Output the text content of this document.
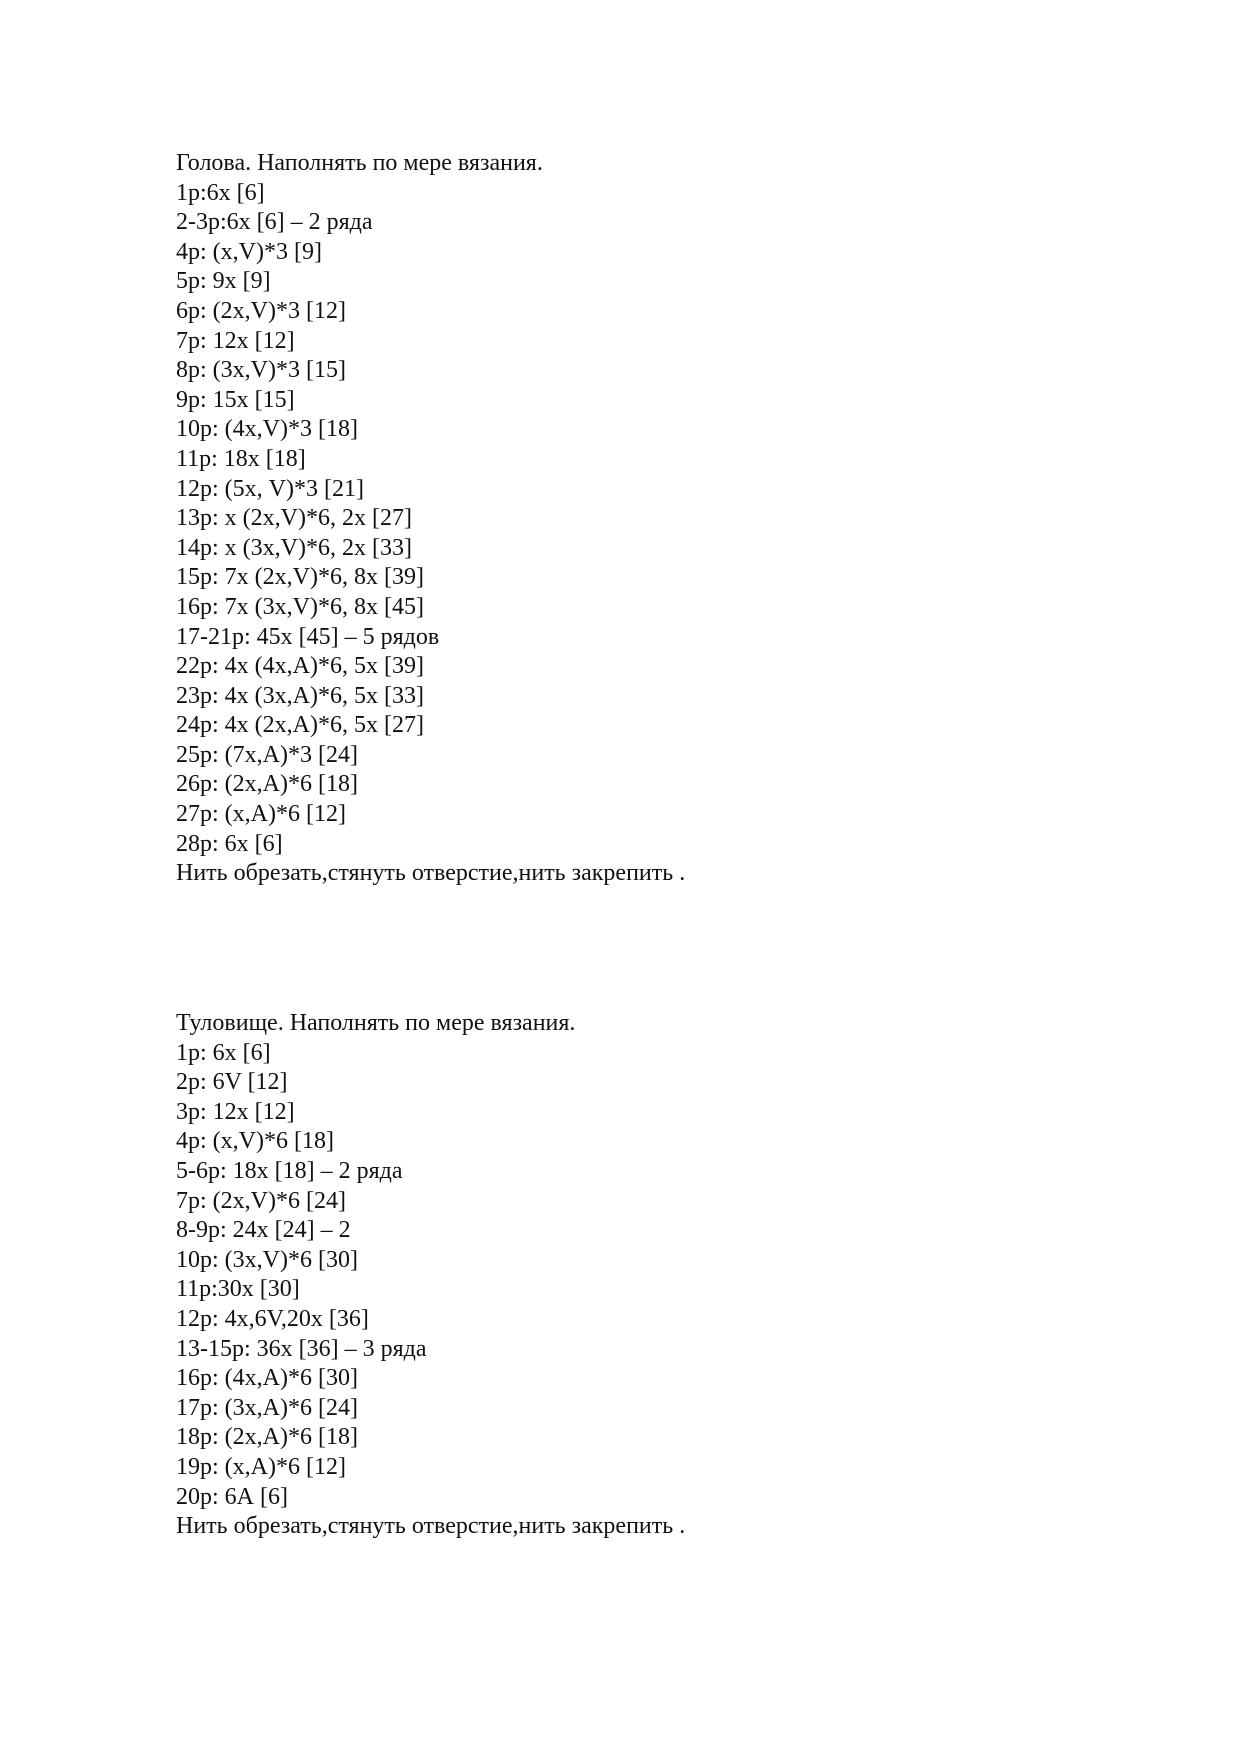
Голова. Наполнять по мере вязания.
1р:6х [6]
2-3р:6х [6] – 2 ряда
4р: (х,V)*3 [9]
5р: 9х [9]
6р: (2х,V)*3 [12]
7р: 12х [12]
8р: (3х,V)*3 [15]
9р: 15х [15]
10р: (4х,V)*3 [18]
11р: 18х [18]
12р: (5х, V)*3 [21]
13р: х (2х,V)*6, 2х [27]
14р: х (3х,V)*6, 2х [33]
15р: 7х (2х,V)*6, 8х [39]
16р: 7х (3х,V)*6, 8х [45]
17-21р: 45х [45] – 5 рядов
22р: 4х (4х,А)*6, 5х [39]
23р: 4х (3х,А)*6, 5х [33]
24р: 4х (2х,А)*6, 5х [27]
25р: (7х,А)*3 [24]
26р: (2х,А)*6 [18]
27р: (х,А)*6 [12]
28р: 6х [6]
Нить обрезать,стянуть отверстие,нить закрепить .
Туловище. Наполнять по мере вязания.
1р: 6х [6]
2р: 6V [12]
3р: 12х [12]
4р: (х,V)*6 [18]
5-6р: 18х [18] – 2 ряда
7р: (2х,V)*6 [24]
8-9р: 24х [24] – 2
10р: (3х,V)*6 [30]
11р:30х [30]
12р: 4х,6V,20х [36]
13-15р: 36х [36] – 3 ряда
16р: (4х,А)*6 [30]
17р: (3х,А)*6 [24]
18р: (2х,А)*6 [18]
19р: (х,А)*6 [12]
20р: 6А [6]
Нить обрезать,стянуть отверстие,нить закрепить .
